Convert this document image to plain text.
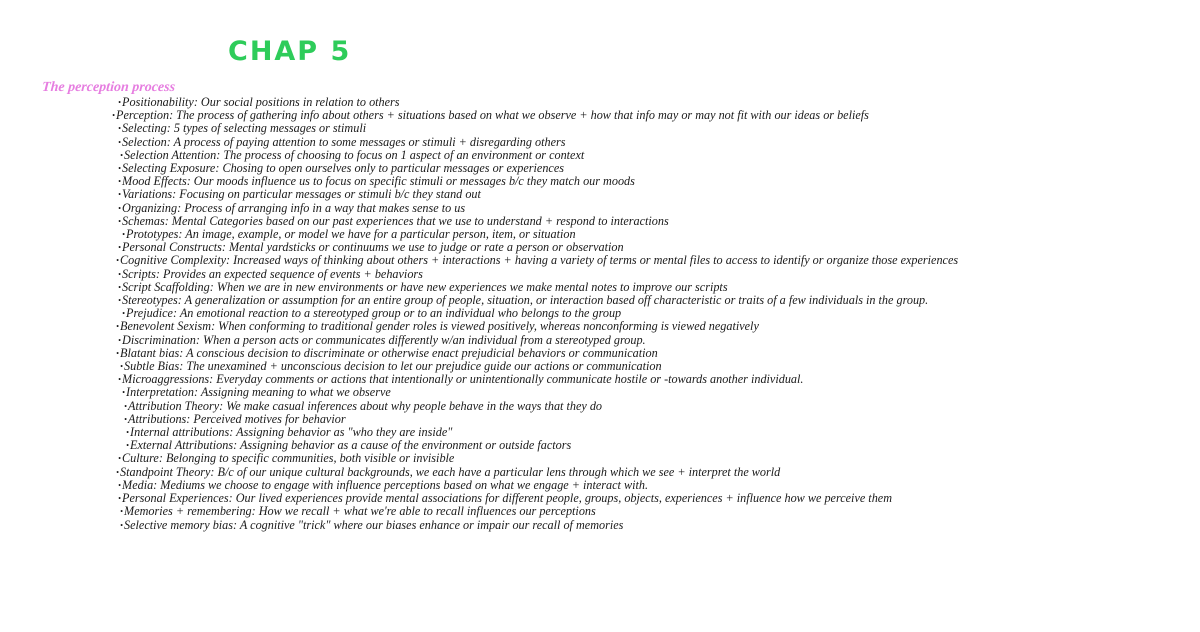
CHAP 5
The perception process
· Positionability: Our social positions in relation to others
· Perception: The process of gathering info about others + situations based on what we observe + how that info may or may not fit with our ideas or beliefs
· Selecting: 5 types of selecting messages or stimuli
· Selection: A process of paying attention to some messages or stimuli + disregarding others
· Selection Attention: The process of choosing to focus on 1 aspect of an environment or context
· Selecting Exposure: Chosing to open ourselves only to particular messages or experiences
· Mood Effects: Our moods influence us to focus on specific stimuli or messages b/c they match our moods
· Variations: Focusing on particular messages or stimuli b/c they stand out
· Organizing: Process of arranging info in a way that makes sense to us
· Schemas: Mental Categories based on our past experiences that we use to understand + respond to interactions
· Prototypes: An image, example, or model we have for a particular person, item, or situation
· Personal Constructs: Mental yardsticks or continuums we use to judge or rate a person or observation
· Cognitive Complexity: Increased ways of thinking about others + interactions + having a variety of terms or mental files to access to identify or organize those experiences
· Scripts: Provides an expected sequence of events + behaviors
· Script Scaffolding: When we are in new environments or have new experiences we make mental notes to improve our scripts
· Stereotypes: A generalization or assumption for an entire group of people, situation, or interaction based off characteristic or traits of a few individuals in the group.
· Prejudice: An emotional reaction to a stereotyped group or to an individual who belongs to the group
· Benevolent Sexism: When conforming to traditional gender roles is viewed positively, whereas nonconforming is viewed negatively
· Discrimination: When a person acts or communicates differently w/an individual from a stereotyped group.
· Blatant bias: A conscious decision to discriminate or otherwise enact prejudicial behaviors or communication
· Subtle Bias: The unexamined + unconscious decision to let our prejudice guide our actions or communication
· Microaggressions: Everyday comments or actions that intentionally or unintentionally communicate hostile or -towards another individual.
· Interpretation: Assigning meaning to what we observe
· Attribution Theory: We make casual inferences about why people behave in the ways that they do
· Attributions: Perceived motives for behavior
· Internal attributions: Assigning behavior as "who they are inside"
· External Attributions: Assigning behavior as a cause of the environment or outside factors
· Culture: Belonging to specific communities, both visible or invisible
· Standpoint Theory: B/c of our unique cultural backgrounds, we each have a particular lens through which we see + interpret the world
· Media: Mediums we choose to engage with influence perceptions based on what we engage + interact with.
· Personal Experiences: Our lived experiences provide mental associations for different people, groups, objects, experiences + influence how we perceive them
· Memories + remembering: How we recall + what we're able to recall influences our perceptions
· Selective memory bias: A cognitive "trick" where our biases enhance or impair our recall of memories
